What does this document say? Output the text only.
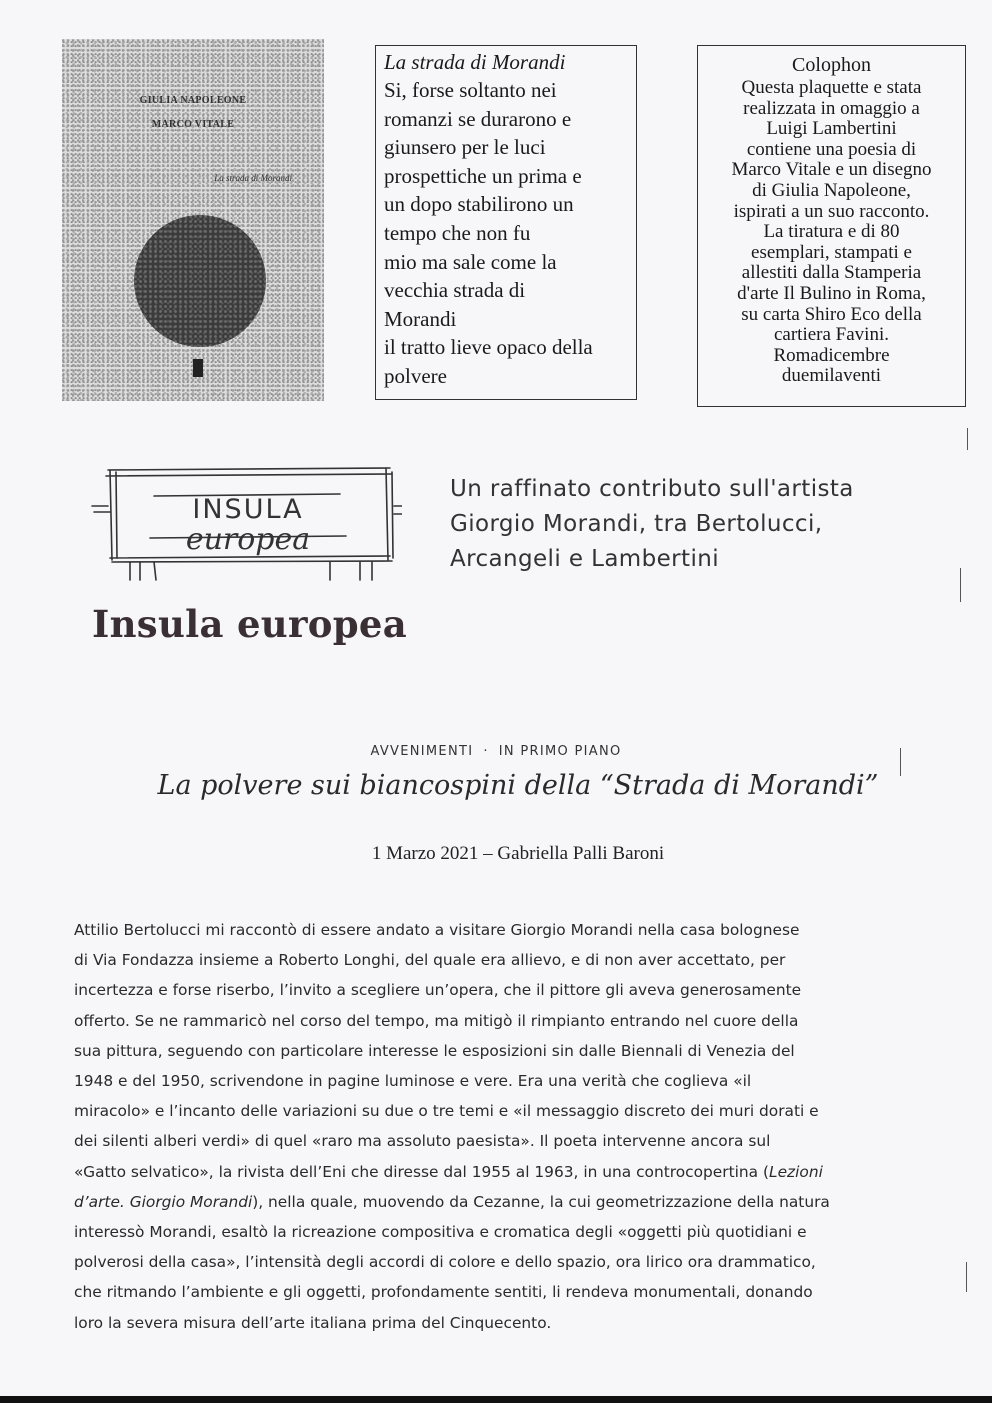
GIULIA NAPOLEONE
MARCO VITALE
La strada di Morandi

La strada di Morandi

Si, forse soltanto nei

romanzi se durarono e

giunsero per le luci

prospettiche un prima e

un dopo stabilirono un

tempo che non fu

mio ma sale come la

vecchia strada di

Morandi

il tratto lieve opaco della

polvere

Colophon

Questa plaquette e stata

realizzata in omaggio a

Luigi Lambertini

contiene una poesia di

Marco Vitale e un disegno

di Giulia Napoleone,

ispirati a un suo racconto.

La tiratura e di 80

esemplari, stampati e

allestiti dalla Stamperia

d'arte Il Bulino in Roma,

su carta Shiro Eco della

cartiera Favini.

Romadicembre

duemilaventi

INSULA
europea
Insula europea

Un raffinato contributo sull'artista

Giorgio Morandi, tra Bertolucci,

Arcangeli e Lambertini

AVVENIMENTI · IN PRIMO PIANO
La polvere sui biancospini della “Strada di Morandi”
1 Marzo 2021 – Gabriella Palli Baroni

Attilio Bertolucci mi raccontò di essere andato a visitare Giorgio Morandi nella casa bolognese

di Via Fondazza insieme a Roberto Longhi, del quale era allievo, e di non aver accettato, per

incertezza e forse riserbo, l’invito a scegliere un’opera, che il pittore gli aveva generosamente

offerto. Se ne rammaricò nel corso del tempo, ma mitigò il rimpianto entrando nel cuore della

sua pittura, seguendo con particolare interesse le esposizioni sin dalle Biennali di Venezia del

1948 e del 1950, scrivendone in pagine luminose e vere. Era una verità che coglieva «il

miracolo» e l’incanto delle variazioni su due o tre temi e «il messaggio discreto dei muri dorati e

dei silenti alberi verdi» di quel «raro ma assoluto paesista». Il poeta intervenne ancora sul

«Gatto selvatico», la rivista dell’Eni che diresse dal 1955 al 1963, in una controcopertina (Lezioni

d’arte. Giorgio Morandi), nella quale, muovendo da Cezanne, la cui geometrizzazione della natura

interessò Morandi, esaltò la ricreazione compositiva e cromatica degli «oggetti più quotidiani e

polverosi della casa», l’intensità degli accordi di colore e dello spazio, ora lirico ora drammatico,

che ritmando l’ambiente e gli oggetti, profondamente sentiti, li rendeva monumentali, donando

loro la severa misura dell’arte italiana prima del Cinquecento.
